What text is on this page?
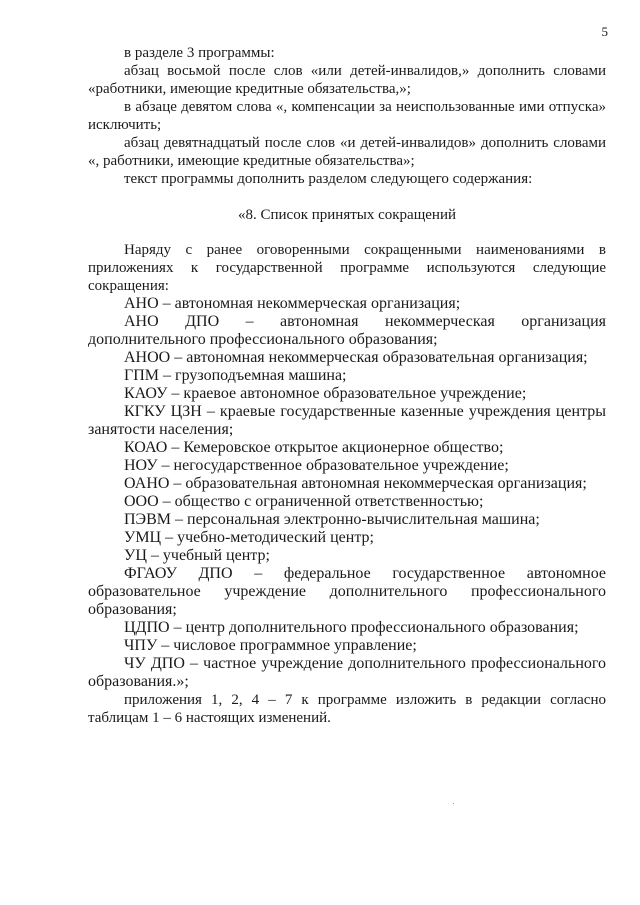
5

в разделе 3 программы:

абзац восьмой после слов «или детей-инвалидов,» дополнить словами «работники, имеющие кредитные обязательства,»;

в абзаце девятом слова «, компенсации за неиспользованные ими отпуска» исключить;

абзац девятнадцатый после слов «и детей-инвалидов» дополнить словами «, работники, имеющие кредитные обязательства»;

текст программы дополнить разделом следующего содержания:

«8. Список принятых сокращений

Наряду с ранее оговоренными сокращенными наименованиями в приложениях к государственной программе используются следующие сокращения:

АНО – автономная некоммерческая организация;
АНО ДПО – автономная некоммерческая организация дополнительного профессионального образования;
АНОО – автономная некоммерческая образовательная организация;
ГПМ – грузоподъемная машина;
КАОУ – краевое автономное образовательное учреждение;
КГКУ ЦЗН – краевые государственные казенные учреждения центры занятости населения;
КОАО – Кемеровское открытое акционерное общество;
НОУ – негосударственное образовательное учреждение;
ОАНО – образовательная автономная некоммерческая организация;
ООО – общество с ограниченной ответственностью;
ПЭВМ – персональная электронно-вычислительная машина;
УМЦ – учебно-методический центр;
УЦ – учебный центр;
ФГАОУ ДПО – федеральное государственное автономное образовательное учреждение дополнительного профессионального образования;
ЦДПО – центр дополнительного профессионального образования;
ЧПУ – числовое программное управление;
ЧУ ДПО – частное учреждение дополнительного профессионального образования.»;

приложения 1, 2, 4 – 7 к программе изложить в редакции согласно таблицам 1 – 6 настоящих изменений.
